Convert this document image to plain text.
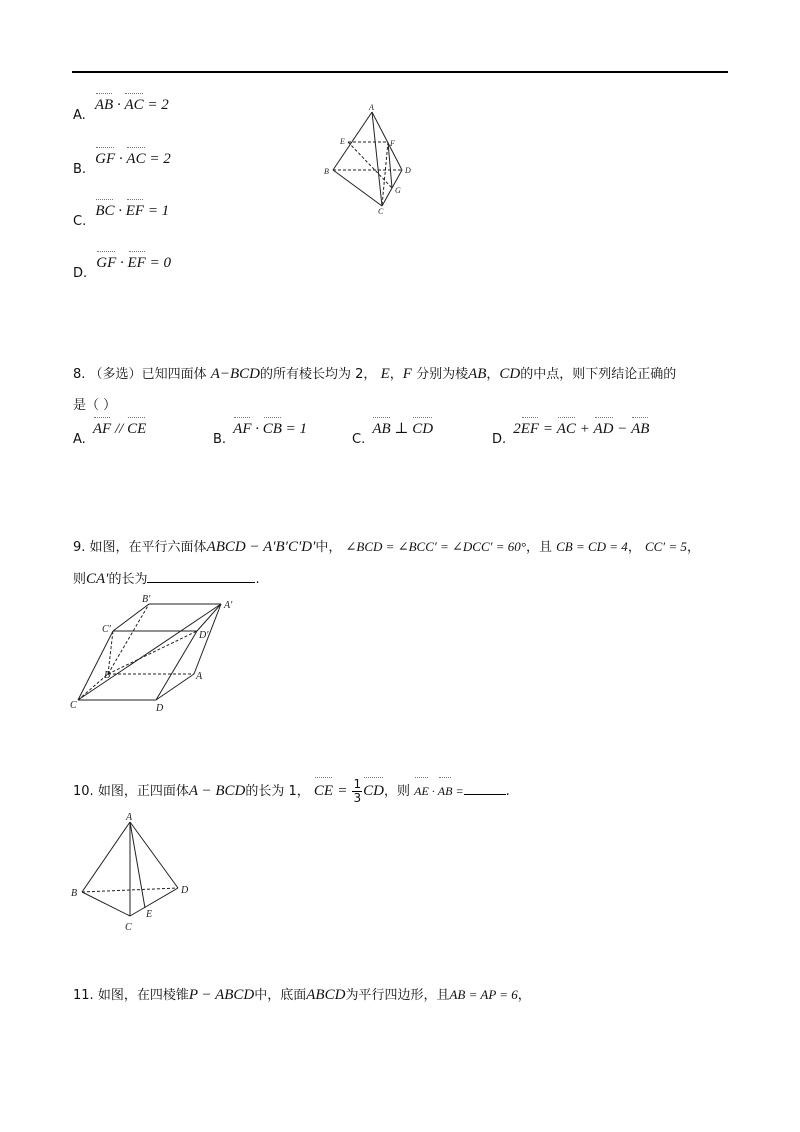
A. AB · AC = 2
B. GF · AC = 2
C. BC · EF = 1
D. GF · EF = 0
A
E	F
B	D
G
C
8. （多选）已知四面体 A−BCD的所有棱长均为 2， E，F 分别为棱AB，CD的中点，则下列结论正确的
是（ ）
A. AF // CE
B. AF · CB = 1
C. AB ⊥ CD
D. 2EF = AC + AD − AB
9. 如图，在平行六面体ABCD − A′B′C′D′中， ∠BCD = ∠BCC′ = ∠DCC′ = 60°，且 CB = CD = 4， CC′ = 5，
则CA′的长为	.
B′
A′
C′
D′
B	A
C	D
10. 如图，正四面体A − BCD的长为 1， CE = $\frac{1}{3}$ CD，则 AE · AB =	.
A
B	D
E
C
11. 如图，在四棱锥P − ABCD中，底面ABCD为平行四边形，且AB = AP = 6，
